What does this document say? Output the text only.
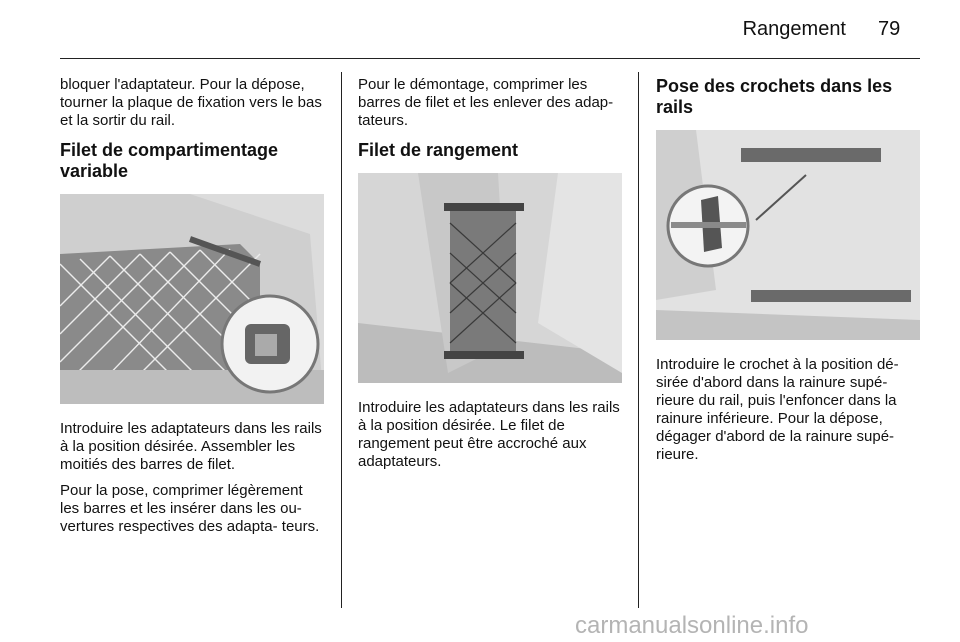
Rangement 79

bloquer l'adaptateur. Pour la dépose, tourner la plaque de fixation vers le bas et la sortir du rail.

Filet de compartimentage variable

Introduire les adaptateurs dans les rails à la position désirée. Assembler les moitiés des barres de filet.

Pour la pose, comprimer légèrement les barres et les insérer dans les ou- vertures respectives des adapta- teurs.

Pour le démontage, comprimer les barres de filet et les enlever des adap- tateurs.

Filet de rangement

Introduire les adaptateurs dans les rails à la position désirée. Le filet de rangement peut être accroché aux adaptateurs.

Pose des crochets dans les rails

Introduire le crochet à la position dé- sirée d'abord dans la rainure supé- rieure du rail, puis l'enfoncer dans la rainure inférieure. Pour la dépose, dégager d'abord de la rainure supé- rieure.

carmanualsonline.info
